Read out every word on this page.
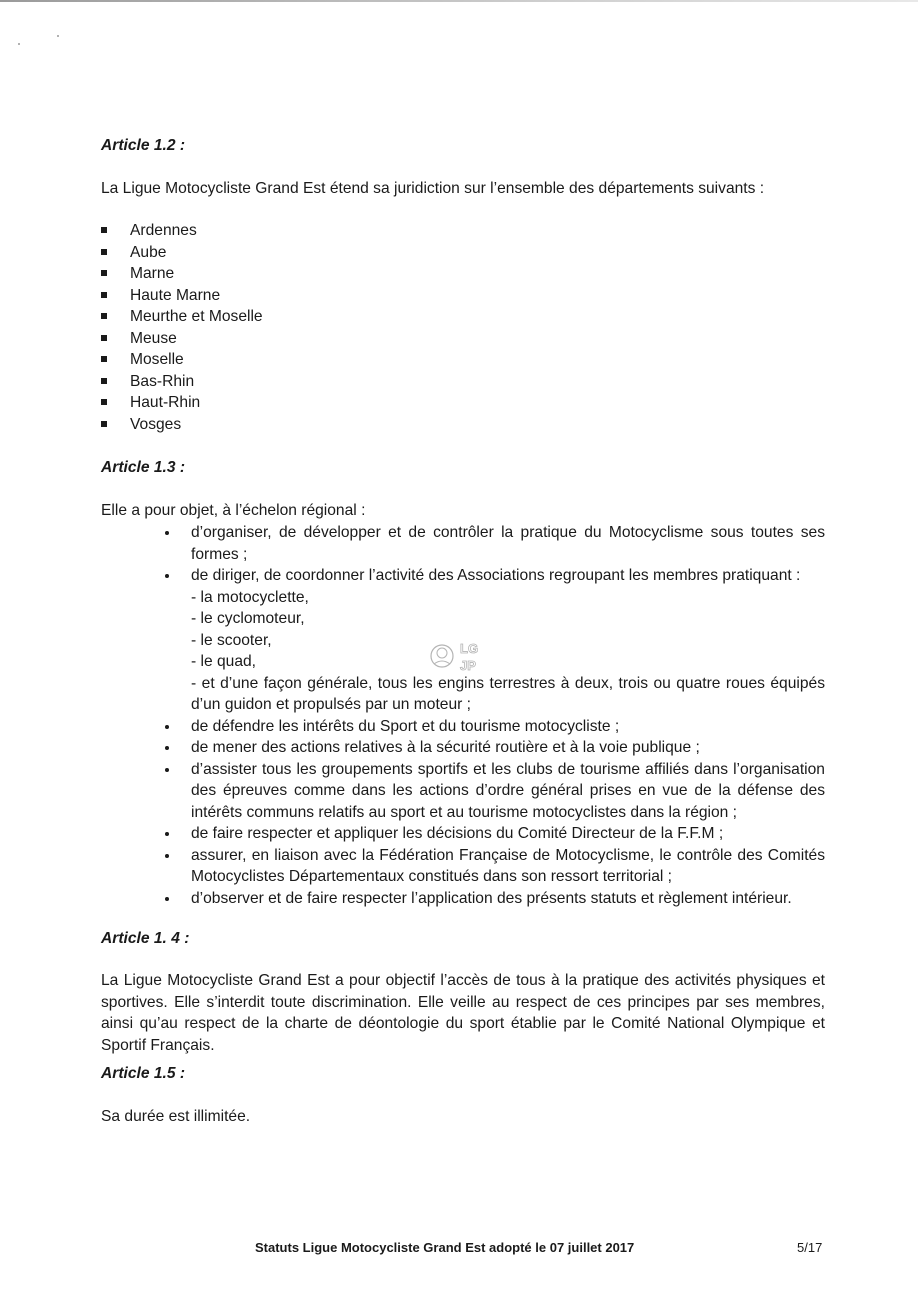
Article 1.2 :

La Ligue Motocycliste Grand Est étend sa juridiction sur l’ensemble des départements suivants :

Ardennes
Aube
Marne
Haute Marne
Meurthe et Moselle
Meuse
Moselle
Bas-Rhin
Haut-Rhin
Vosges
Article 1.3 :

Elle a pour objet, à l’échelon régional :

d’organiser, de développer et de contrôler la pratique du Motocyclisme sous toutes ses formes ;
de diriger, de coordonner l’activité des Associations regroupant les membres pratiquant :
- la motocyclette,
- le cyclomoteur,
- le scooter,
- le quad,
- et d’une façon générale, tous les engins terrestres à deux, trois ou quatre roues équipés d’un guidon et propulsés par un moteur ;
de défendre les intérêts du Sport et du tourisme motocycliste ;
de mener des actions relatives à la sécurité routière et à la voie publique ;
d’assister tous les groupements sportifs et les clubs de tourisme affiliés dans l’organisation des épreuves comme dans les actions d’ordre général prises en vue de la défense des intérêts communs relatifs au sport et au tourisme motocyclistes dans la région ;
de faire respecter et appliquer les décisions du Comité Directeur de la F.F.M ;
assurer, en liaison avec la Fédération Française de Motocyclisme, le contrôle des Comités Motocyclistes Départementaux constitués dans son ressort territorial ;
d’observer et de faire respecter l’application des présents statuts et règlement intérieur.
Article 1. 4 :

La Ligue Motocycliste Grand Est a pour objectif l’accès de tous à la pratique des activités physiques et sportives. Elle s’interdit toute discrimination. Elle veille au respect de ces principes par ses membres, ainsi qu’au respect de la charte de déontologie du sport établie par le Comité National Olympique et Sportif Français.

Article 1.5 :

Sa durée est illimitée.

LG
JP
Statuts Ligue Motocycliste Grand Est adopté le 07 juillet 2017	5/17
